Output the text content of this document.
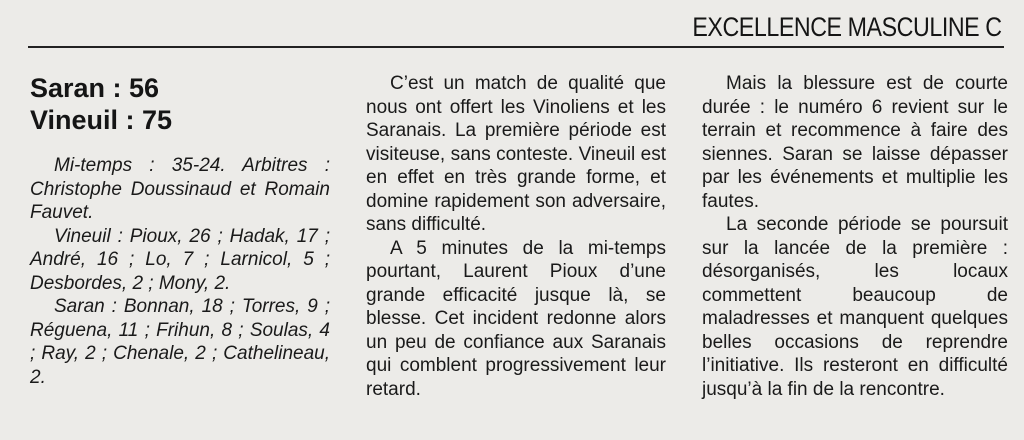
EXCELLENCE MASCULINE C
Saran : 56
Vineuil : 75

Mi-temps : 35-24. Arbitres : Christophe Doussinaud et Romain Fauvet.

Vineuil : Pioux, 26 ; Hadak, 17 ; André, 16 ; Lo, 7 ; Larnicol, 5 ; Desbordes, 2 ; Mony, 2.

Saran : Bonnan, 18 ; Torres, 9 ; Réguena, 11 ; Frihun, 8 ; Soulas, 4 ; Ray, 2 ; Chenale, 2 ; Cathelineau, 2.

C’est un match de qualité que nous ont offert les Vinoliens et les Saranais. La première période est visiteuse, sans conteste. Vineuil est en effet en très grande forme, et domine rapidement son adversaire, sans difficulté.

A 5 minutes de la mi-temps pourtant, Laurent Pioux d’une grande efficacité jusque là, se blesse. Cet incident redonne alors un peu de confiance aux Saranais qui comblent progressivement leur retard.

Mais la blessure est de courte durée : le numéro 6 revient sur le terrain et recommence à faire des siennes. Saran se laisse dépasser par les événements et multiplie les fautes.

La seconde période se poursuit sur la lancée de la première : désorganisés, les locaux commettent beaucoup de maladresses et manquent quelques belles occasions de reprendre l’initiative. Ils resteront en difficulté jusqu’à la fin de la rencontre.
